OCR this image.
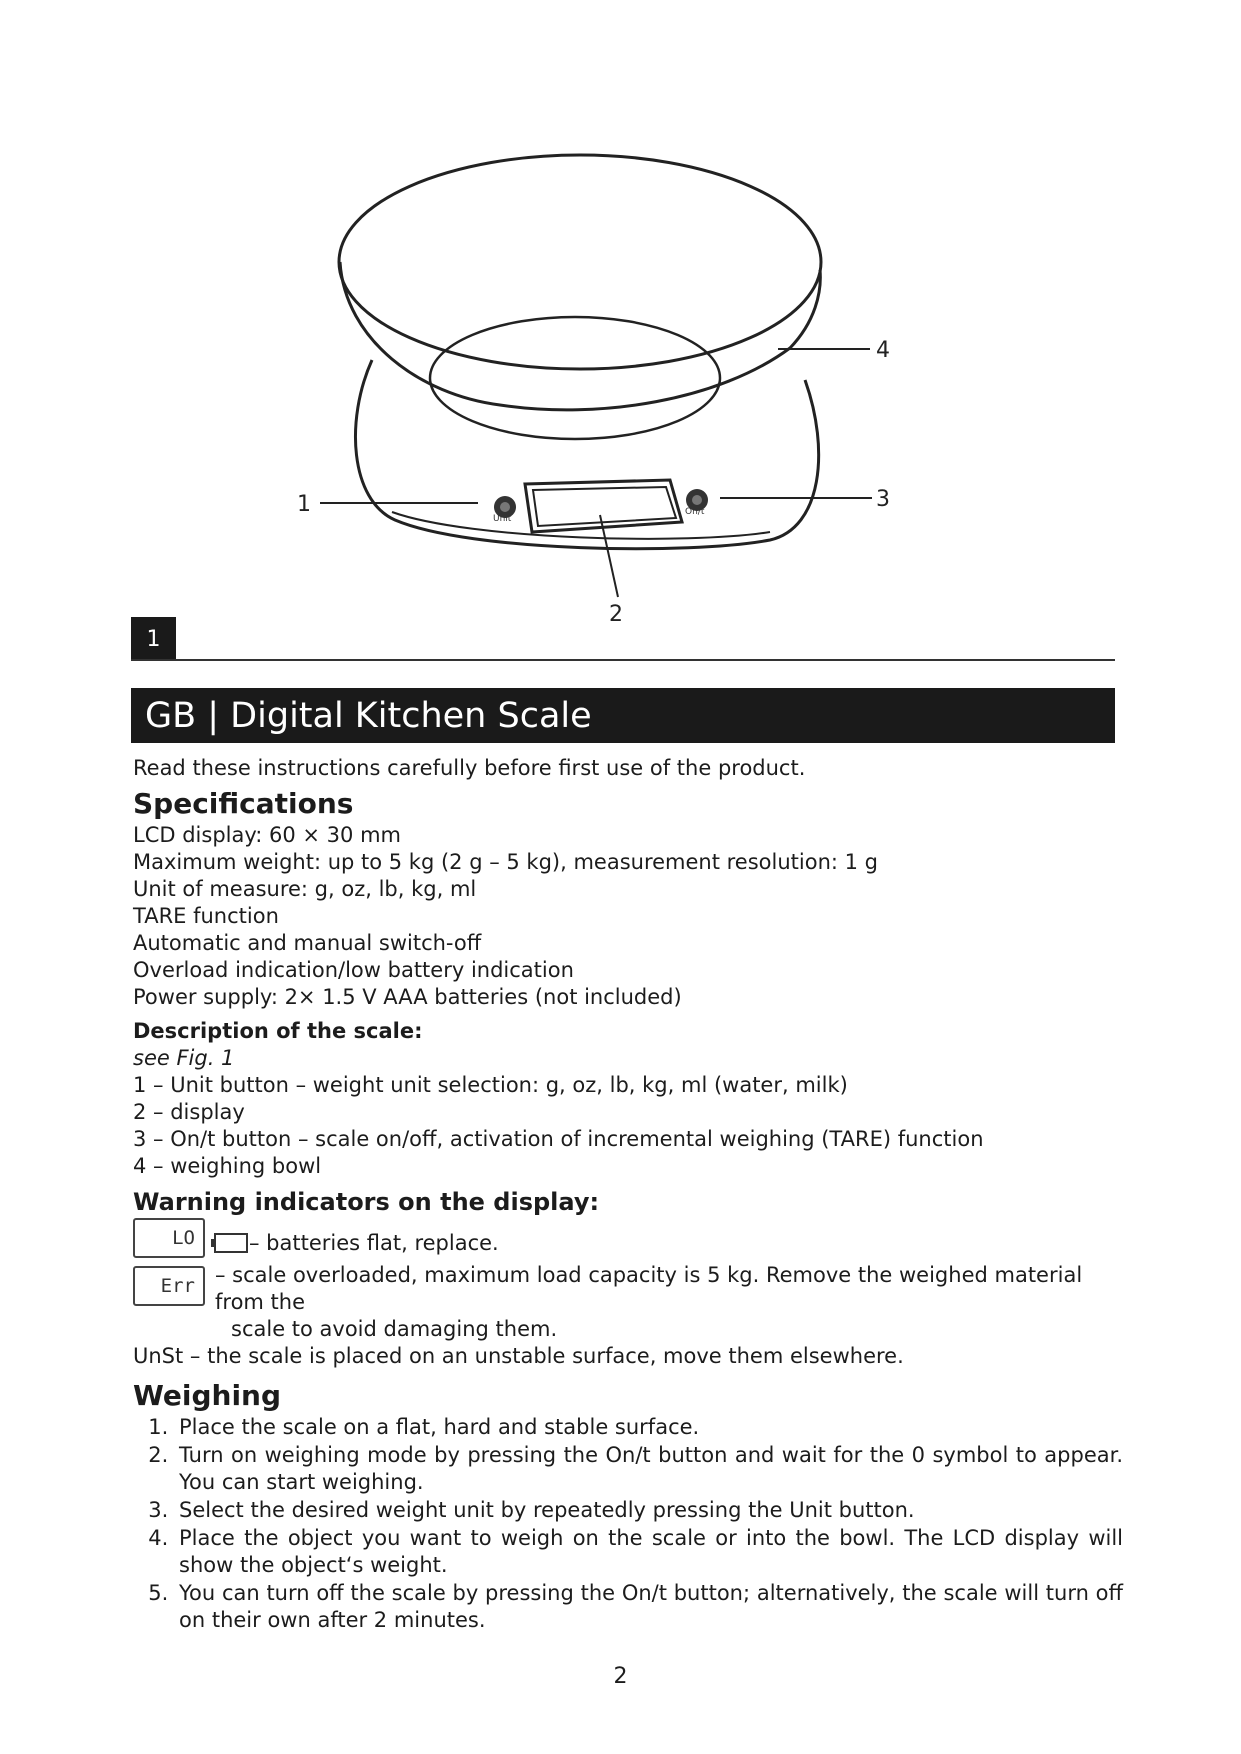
Unit
On/t
1
2
3
4
1
GB | Digital Kitchen Scale

Read these instructions carefully before first use of the product.

Specifications

LCD display: 60 × 30 mm

Maximum weight: up to 5 kg (2 g – 5 kg), measurement resolution: 1 g

Unit of measure: g, oz, lb, kg, ml

TARE function

Automatic and manual switch-off

Overload indication/low battery indication

Power supply: 2× 1.5 V AAA batteries (not included)

Description of the scale:

see Fig. 1

1 – Unit button – weight unit selection: g, oz, lb, kg, ml (water, milk)

2 – display

3 – On/t button – scale on/off, activation of incremental weighing (TARE) function

4 – weighing bowl

Warning indicators on the display:
LO	– batteries flat, replace.
Err – scale overloaded, maximum load capacity is 5 kg. Remove the weighed material from the

scale to avoid damaging them.

UnSt – the scale is placed on an unstable surface, move them elsewhere.

Weighing
1. Place the scale on a flat, hard and stable surface.
2. Turn on weighing mode by pressing the On/t button and wait for the 0 symbol to appear. You can start weighing.
3. Select the desired weight unit by repeatedly pressing the Unit button.
4. Place the object you want to weigh on the scale or into the bowl. The LCD display will show the object‘s weight.
5. You can turn off the scale by pressing the On/t button; alternatively, the scale will turn off on their own after 2 minutes.
2
